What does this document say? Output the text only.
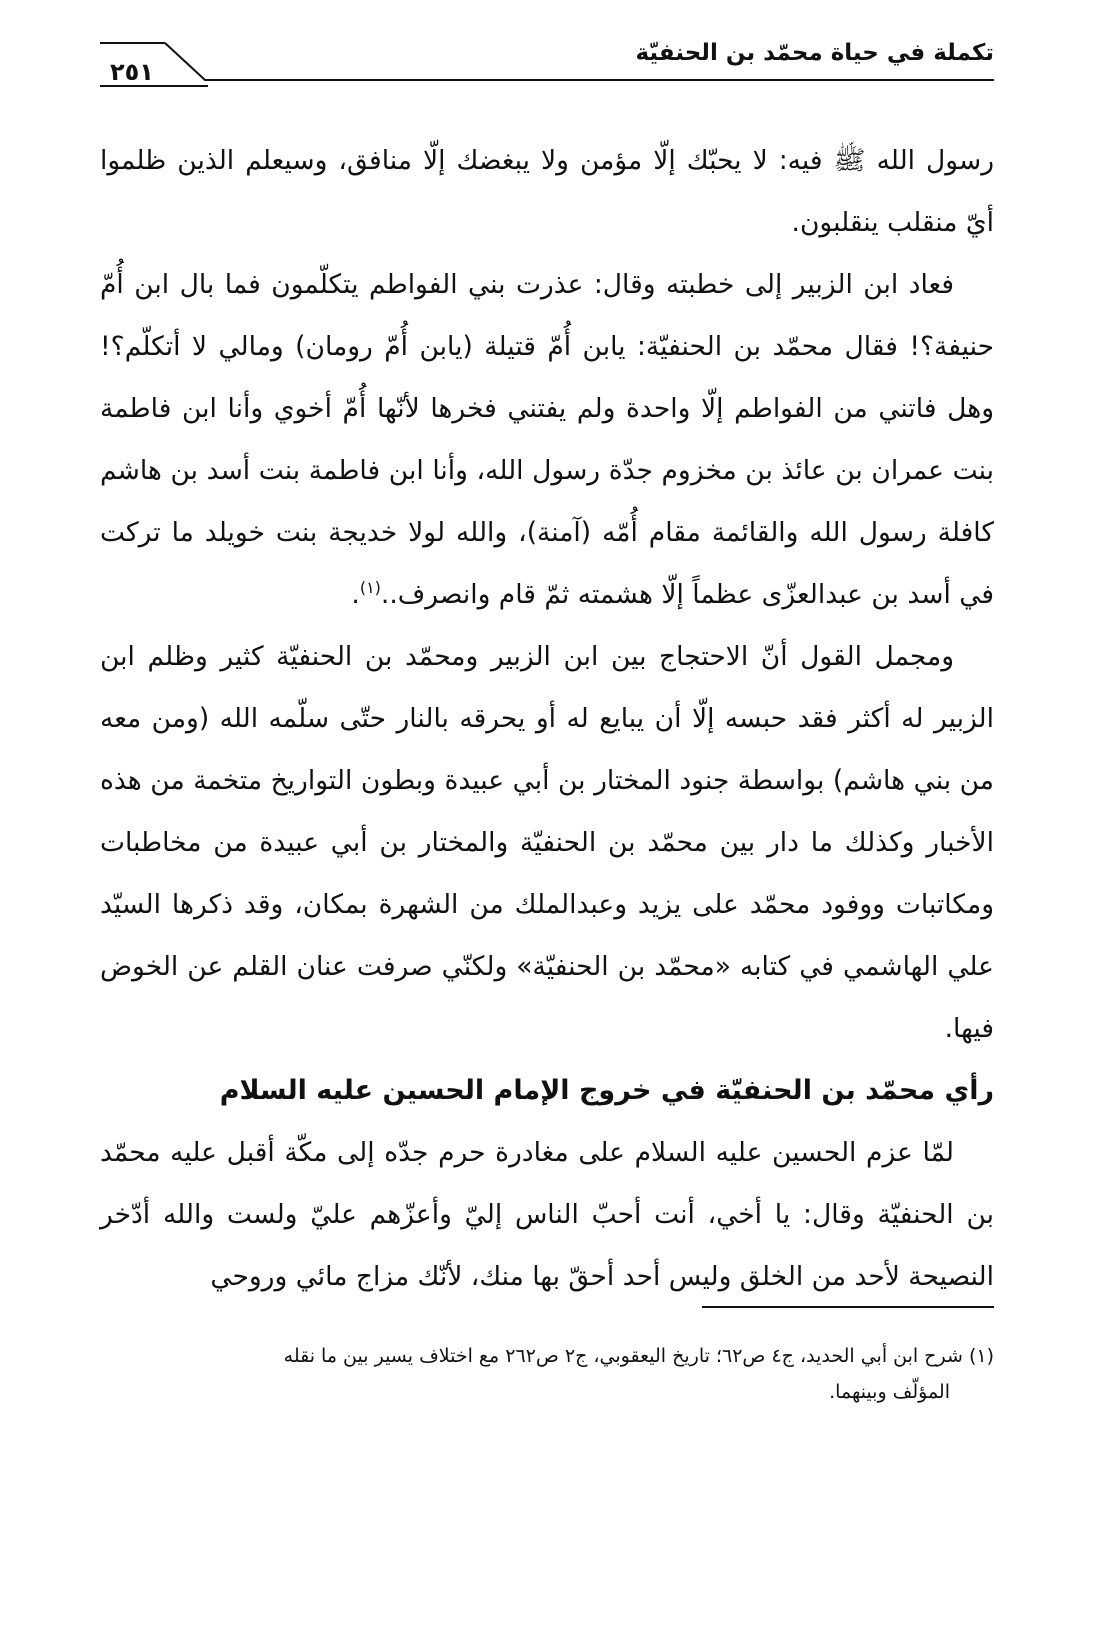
٢٥١
تكملة في حياة محمّد بن الحنفيّة

رسول الله ﷺ فيه: لا يحبّك إلّا مؤمن ولا يبغضك إلّا منافق، وسيعلم الذين ظلموا أيّ منقلب ينقلبون.

فعاد ابن الزبير إلى خطبته وقال: عذرت بني الفواطم يتكلّمون فما بال ابن أُمّ حنيفة؟! فقال محمّد بن الحنفيّة: يابن أُمّ قتيلة (يابن أُمّ رومان) ومالي لا أتكلّم؟! وهل فاتني من الفواطم إلّا واحدة ولم يفتني فخرها لأنّها أُمّ أخوي وأنا ابن فاطمة بنت عمران بن عائذ بن مخزوم جدّة رسول الله، وأنا ابن فاطمة بنت أسد بن هاشم كافلة رسول الله والقائمة مقام أُمّه (آمنة)، والله لولا خديجة بنت خويلد ما تركت في أسد بن عبدالعزّى عظماً إلّا هشمته ثمّ قام وانصرف..$^{(١)}$.

ومجمل القول أنّ الاحتجاج بين ابن الزبير ومحمّد بن الحنفيّة كثير وظلم ابن الزبير له أكثر فقد حبسه إلّا أن يبايع له أو يحرقه بالنار حتّى سلّمه الله (ومن معه من بني هاشم) بواسطة جنود المختار بن أبي عبيدة وبطون التواريخ متخمة من هذه الأخبار وكذلك ما دار بين محمّد بن الحنفيّة والمختار بن أبي عبيدة من مخاطبات ومكاتبات ووفود محمّد على يزيد وعبدالملك من الشهرة بمكان، وقد ذكرها السيّد علي الهاشمي في كتابه «محمّد بن الحنفيّة» ولكنّي صرفت عنان القلم عن الخوض فيها.

رأي محمّد بن الحنفيّة في خروج الإمام الحسين عليه السلام

لمّا عزم الحسين عليه السلام على مغادرة حرم جدّه إلى مكّة أقبل عليه محمّد بن الحنفيّة وقال: يا أخي، أنت أحبّ الناس إليّ وأعزّهم عليّ ولست والله أدّخر النصيحة لأحد من الخلق وليس أحد أحقّ بها منك، لأنّك مزاج مائي وروحي

(١) شرح ابن أبي الحديد، ج٤ ص٦٢؛ تاريخ اليعقوبي، ج٢ ص٢٦٢ مع اختلاف يسير بين ما نقله

المؤلّف وبينهما.
